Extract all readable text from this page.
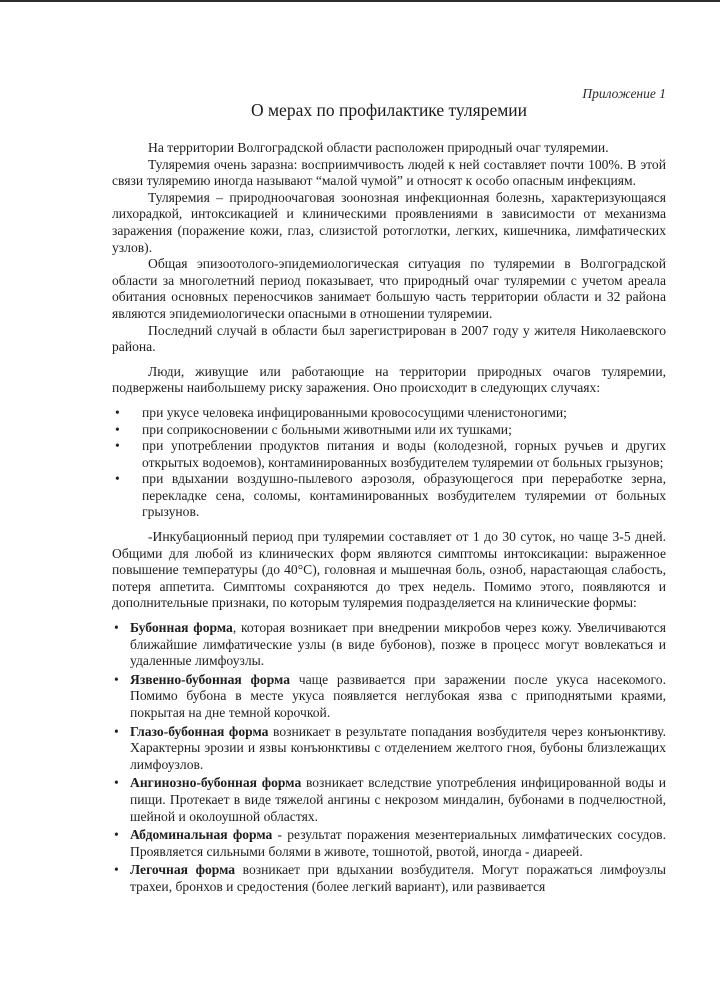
Приложение 1
О мерах по профилактике туляремии

На территории Волгоградской области расположен природный очаг туляремии.

Туляремия очень заразна: восприимчивость людей к ней составляет почти 100%. В этой связи туляремию иногда называют “малой чумой” и относят к особо опасным инфекциям.

Туляремия – природноочаговая зоонозная инфекционная болезнь, характеризующаяся лихорадкой, интоксикацией и клиническими проявлениями в зависимости от механизма заражения (поражение кожи, глаз, слизистой ротоглотки, легких, кишечника, лимфатических узлов).

Общая эпизоотолого-эпидемиологическая ситуация по туляремии в Волгоградской области за многолетний период показывает, что природный очаг туляремии с учетом ареала обитания основных переносчиков занимает большую часть территории области и 32 района являются эпидемиологически опасными в отношении туляремии.

Последний случай в области был зарегистрирован в 2007 году у жителя Николаевского района.

Люди, живущие или работающие на территории природных очагов туляремии, подвержены наибольшему риску заражения. Оно происходит в следующих случаях:

• при укусе человека инфицированными кровососущими членистоногими;
• при соприкосновении с больными животными или их тушками;
• при употреблении продуктов питания и воды (колодезной, горных ручьев и других открытых водоемов), контаминированных возбудителем туляремии от больных грызунов;
• при вдыхании воздушно-пылевого аэрозоля, образующегося при переработке зерна, перекладке сена, соломы, контаминированных возбудителем туляремии от больных грызунов.

-Инкубационный период при туляремии составляет от 1 до 30 суток, но чаще 3-5 дней. Общими для любой из клинических форм являются симптомы интоксикации: выраженное повышение температуры (до 40°С), головная и мышечная боль, озноб, нарастающая слабость, потеря аппетита. Симптомы сохраняются до трех недель. Помимо этого, появляются и дополнительные признаки, по которым туляремия подразделяется на клинические формы:

• Бубонная форма, которая возникает при внедрении микробов через кожу. Увеличиваются ближайшие лимфатические узлы (в виде бубонов), позже в процесс могут вовлекаться и удаленные лимфоузлы.
• Язвенно-бубонная форма чаще развивается при заражении после укуса насекомого. Помимо бубона в месте укуса появляется неглубокая язва с приподнятыми краями, покрытая на дне темной корочкой.
• Глазо-бубонная форма возникает в результате попадания возбудителя через конъюнктиву. Характерны эрозии и язвы конъюнктивы с отделением желтого гноя, бубоны близлежащих лимфоузлов.
• Ангинозно-бубонная форма возникает вследствие употребления инфицированной воды и пищи. Протекает в виде тяжелой ангины с некрозом миндалин, бубонами в подчелюстной, шейной и околоушной областях.
• Абдоминальная форма - результат поражения мезентериальных лимфатических сосудов. Проявляется сильными болями в животе, тошнотой, рвотой, иногда - диареей.
• Легочная форма возникает при вдыхании возбудителя. Могут поражаться лимфоузлы трахеи, бронхов и средостения (более легкий вариант), или развивается
